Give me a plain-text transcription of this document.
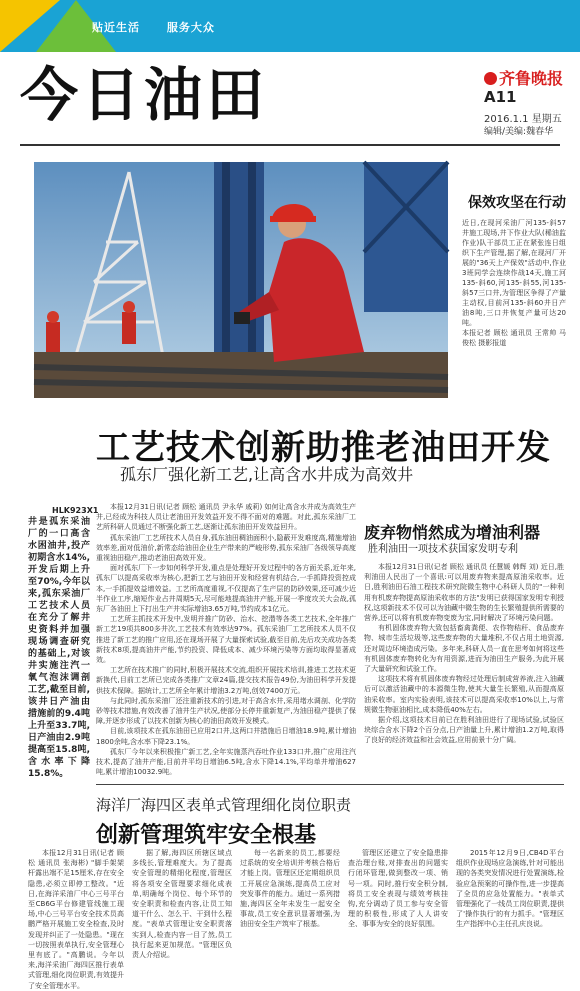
贴近生活 服务大众
今日油田	齐鲁晚报
A11
2016.1.1 星期五
编辑/美编:魏春华
保效攻坚在行动
近日,在现河采油厂河135-斜57井施工现场,井下作业大队(稀油监作业)队干部员工正在紧张连日组织下生产管理,据了解,在现河厂开展的"36天上产保效"活动中,作业3班同学会连续作战14天,施工河135-斜60,河135-斜55,河135-斜57三口井,为管理区争得了产量主动权,目前河135-斜60井日产油8吨,三口井恢复产量可达20吨。
本报记者 顾松 通讯员 王常帅 马俊松 摄影报道
工艺技术创新助推老油田开发
孤东厂强化新工艺,让高含水井成为高效井
HLK923X1
井是孤东采油厂的一口高含水困油井,投产初期含水14%,开发后期上升至70%,今年以来,孤东采油厂工艺技术人员在充分了解井史资料并加强现场调查研究的基础上,对该井实施注汽一氧气泡沫调剖工艺,截至目前,该井日产油由措施前的9.4吨上升至33.7吨,日产油由2.9吨提高至15.8吨,含水率下降15.8%。

本报12月31日讯(记者 顾松 通讯员 尹永华 戚莉) 如何让高含水井成为高效生产井,已经成为科技人员让老油田开发效益开发不得不面对的难题。对此,孤东采油厂工艺所科研人员通过不断强化新工艺,逐渐让孤东油田开发效益回升。

孤东采油厂工艺所技术人员自身,孤东油田稠油面积小,隐蔽开发难度高,精施增油效率差,面对低油价,新常态给油田企业生产带来的严峻形势,孤东采油厂各级领导高度重视油田稳产,推动老油田高效开发。

面对孤东厂下一步如何科学开发,重点是处理好开发过程中的各方面关系,近年来,孤东厂以提高采收率为核心,把新工艺与油田开发和经营有机结合,一手抓降投资控成本,一手抓提效益增效益。工艺所高度重视,不仅提高了生产层的防砂效果,还可减少近半作业工序,缩短作业占井周期5天,尽可能地提高油井产能,开展一季度攻关大会战,孤东厂各油田上下打出生产井实际增油3.65万吨,节约成本1亿元。

工艺所主抓技术开发中,发明并推广防砂、治水、挖潜等各类工艺技术,全年推广新工艺19项共800多井次,工艺技术有效率达97%。孤东采油厂工艺所技术人员不仅推进了新工艺的推广应用,还在现场开展了大量探索试验,截至目前,先后攻关成功各类新技术8项,提高油井产能,节约投资、降低成本、减少环境污染等方面均取得显著成效。

工艺所在技术推广的同时,积极开展技术交流,组织开展技术培训,推进工艺技术更新换代,目前工艺所已完成各类推广文章24篇,提交技术报告49份,为油田科学开发提供技术保障。据统计,工艺所全年累计增油3.2万吨,创效7400万元。

与此同时,孤东采油厂还注重新技术的引进,对于高含水井,采用堵水调剖、化学防砂等技术措施,有效改善了油井生产状况,使部分长停井重新复产,为油田稳产提供了保障,并逐步形成了以技术创新为核心的油田高效开发模式。

目前,该项技术在孤东油田已应用2口井,这两口井措施后日增油18.9吨,累计增油1800余吨,含水率下降23.1%。

孤东厂今年以来积极推广新工艺,全年实施蒸汽吞吐作业133口井,推广应用注汽技术,提高了油井产能,目前井平均日增油6.5吨,含水下降14.1%,平均单井增油627吨,累计增油10032.9吨。

废弃物悄然成为增油利器
胜利油田一项技术获国家发明专利

本报12月31日讯(记者 顾松 通讯员 任慧媛 韩辉 刘) 近日,胜利油田人民出了一个喜讯:可以用废弃物来提高原油采收率。近日,胜利油田石油工程技术研究院微生物中心科研人员的"一种利用有机废弃物提高原油采收率的方法"发明已获得国家发明专利授权,这项新技术不仅可以为油藏中微生物的生长繁殖提供所需要的营养,还可以将有机废弃物变废为宝,同时解决了环境污染问题。

有机固体废弃物大致包括畜禽粪便、农作物秸秆、食品废弃物、城市生活垃圾等,这些废弃物的大量堆积,不仅占用土地资源,还对周边环境造成污染。多年来,科研人员一直在思考如何将这些有机固体废弃物转化为有用资源,进而为油田生产服务,为此开展了大量研究和试验工作。

这项技术将有机固体废弃物经过处理后制成营养液,注入油藏后可以激活油藏中的本源微生物,使其大量生长繁殖,从而提高原油采收率。室内实验表明,该技术可以提高采收率10%以上,与常规微生物驱油相比,成本降低40%左右。

据介绍,这项技术目前已在胜利油田进行了现场试验,试验区块综合含水下降2个百分点,日产油量上升,累计增油1.2万吨,取得了良好的经济效益和社会效益,应用前景十分广阔。

海洋厂海四区表单式管理细化岗位职责
创新管理筑牢安全根基

本报12月31日讯(记者 顾松 通讯员 张海彬) "脚手架架杆露出端不足15厘米,存在安全隐患,必须立即停工整改。"近日,在海洋采油厂中心三号平台至CB6G平台修建管线施工现场,中心三号平台安全技术员高鹏严格开展施工安全检查,及时发现并纠正了一处隐患。"现在一切按照表单执行,安全管理心里有底了。"高鹏说。今年以来,海洋采油厂海四区推行表单式管理,细化岗位职责,有效提升了安全管理水平。

据了解,海四区所辖区域点多线长,管理难度大。为了提高安全管理的精细化程度,管理区将各项安全管理要求细化成表单,明确每个岗位、每个环节的安全职责和检查内容,让员工知道干什么、怎么干、干到什么程度。"表单式管理让安全职责落实到人,检查内容一目了然,员工执行起来更加规范。"管理区负责人介绍说。

每一名新来的员工,都要经过系统的安全培训并考核合格后才能上岗。管理区还定期组织员工开展应急演练,提高员工应对突发事件的能力。通过一系列措施,海四区全年未发生一起安全事故,员工安全意识显著增强,为油田安全生产筑牢了根基。

管理区还建立了安全隐患排查治理台账,对排查出的问题实行闭环管理,做到整改一项、销号一项。同时,推行安全积分制,将员工安全表现与绩效考核挂钩,充分调动了员工参与安全管理的积极性,形成了人人讲安全、事事为安全的良好氛围。

2015年12月9日,CB4D平台组织作业现场应急演练,针对可能出现的各类突发情况进行处置演练,检验应急预案的可操作性,进一步提高了全员的应急处置能力。"表单式管理强化了一线员工岗位职责,提供了'操作执行'的有力抓手。"管理区生产指挥中心主任孔庆良说。
